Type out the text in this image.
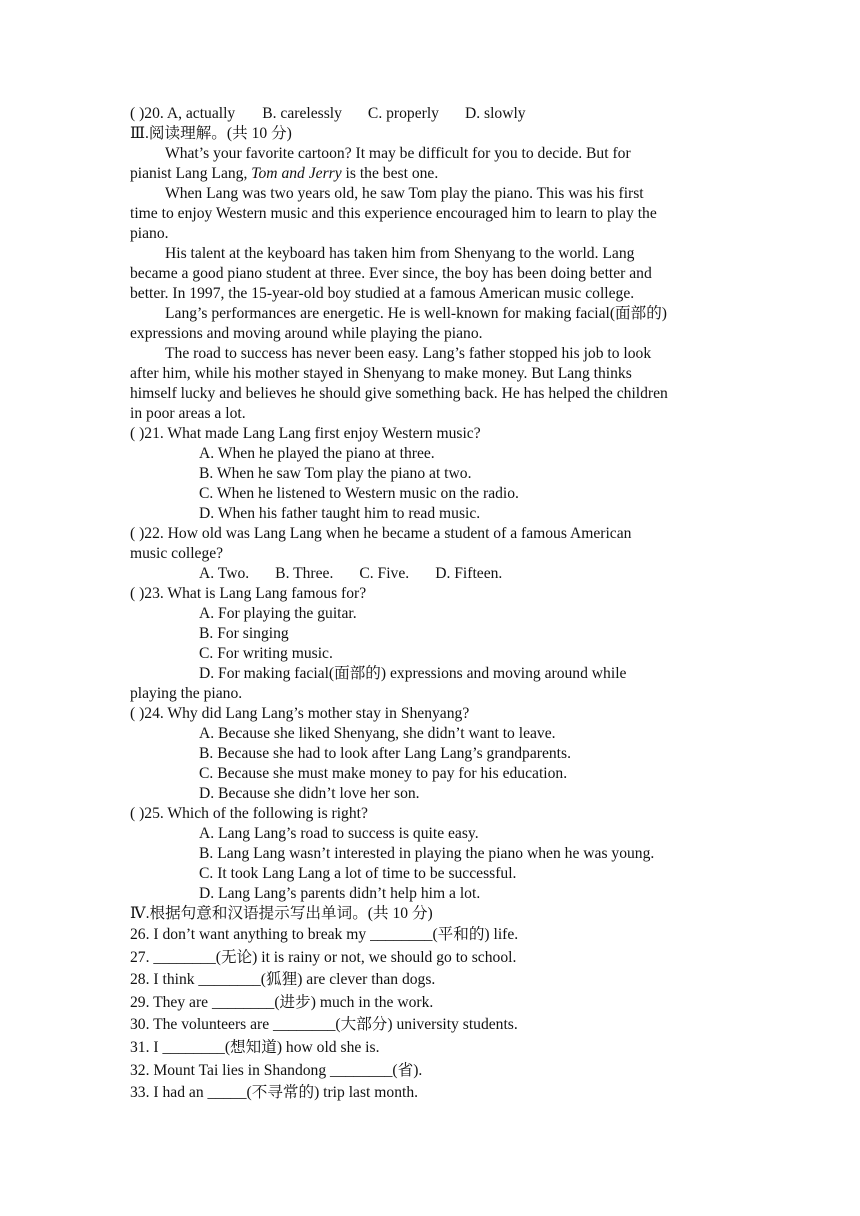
( )20. A, actually B. carelessly C. properly D. slowly
Ⅲ.阅读理解。(共 10 分)
What’s your favorite cartoon? It may be difficult for you to decide. But for
pianist Lang Lang, Tom and Jerry is the best one.
When Lang was two years old, he saw Tom play the piano. This was his first
time to enjoy Western music and this experience encouraged him to learn to play the
piano.
His talent at the keyboard has taken him from Shenyang to the world. Lang
became a good piano student at three. Ever since, the boy has been doing better and
better. In 1997, the 15-year-old boy studied at a famous American music college.
Lang’s performances are energetic. He is well-known for making facial(面部的)
expressions and moving around while playing the piano.
The road to success has never been easy. Lang’s father stopped his job to look
after him, while his mother stayed in Shenyang to make money. But Lang thinks
himself lucky and believes he should give something back. He has helped the children
in poor areas a lot.
( )21. What made Lang Lang first enjoy Western music?
A. When he played the piano at three.
B. When he saw Tom play the piano at two.
C. When he listened to Western music on the radio.
D. When his father taught him to read music.
( )22. How old was Lang Lang when he became a student of a famous American
music college?
A. Two. B. Three. C. Five. D. Fifteen.
( )23. What is Lang Lang famous for?
A. For playing the guitar.
B. For singing
C. For writing music.
D. For making facial(面部的) expressions and moving around while
playing the piano.
( )24. Why did Lang Lang’s mother stay in Shenyang?
A. Because she liked Shenyang, she didn’t want to leave.
B. Because she had to look after Lang Lang’s grandparents.
C. Because she must make money to pay for his education.
D. Because she didn’t love her son.
( )25. Which of the following is right?
A. Lang Lang’s road to success is quite easy.
B. Lang Lang wasn’t interested in playing the piano when he was young.
C. It took Lang Lang a lot of time to be successful.
D. Lang Lang’s parents didn’t help him a lot.
Ⅳ.根据句意和汉语提示写出单词。(共 10 分)
26. I don’t want anything to break my ________(平和的) life.
27. ________(无论) it is rainy or not, we should go to school.
28. I think ________(狐狸) are clever than dogs.
29. They are ________(进步) much in the work.
30. The volunteers are ________(大部分) university students.
31. I ________(想知道) how old she is.
32. Mount Tai lies in Shandong ________(省).
33. I had an _____(不寻常的) trip last month.
